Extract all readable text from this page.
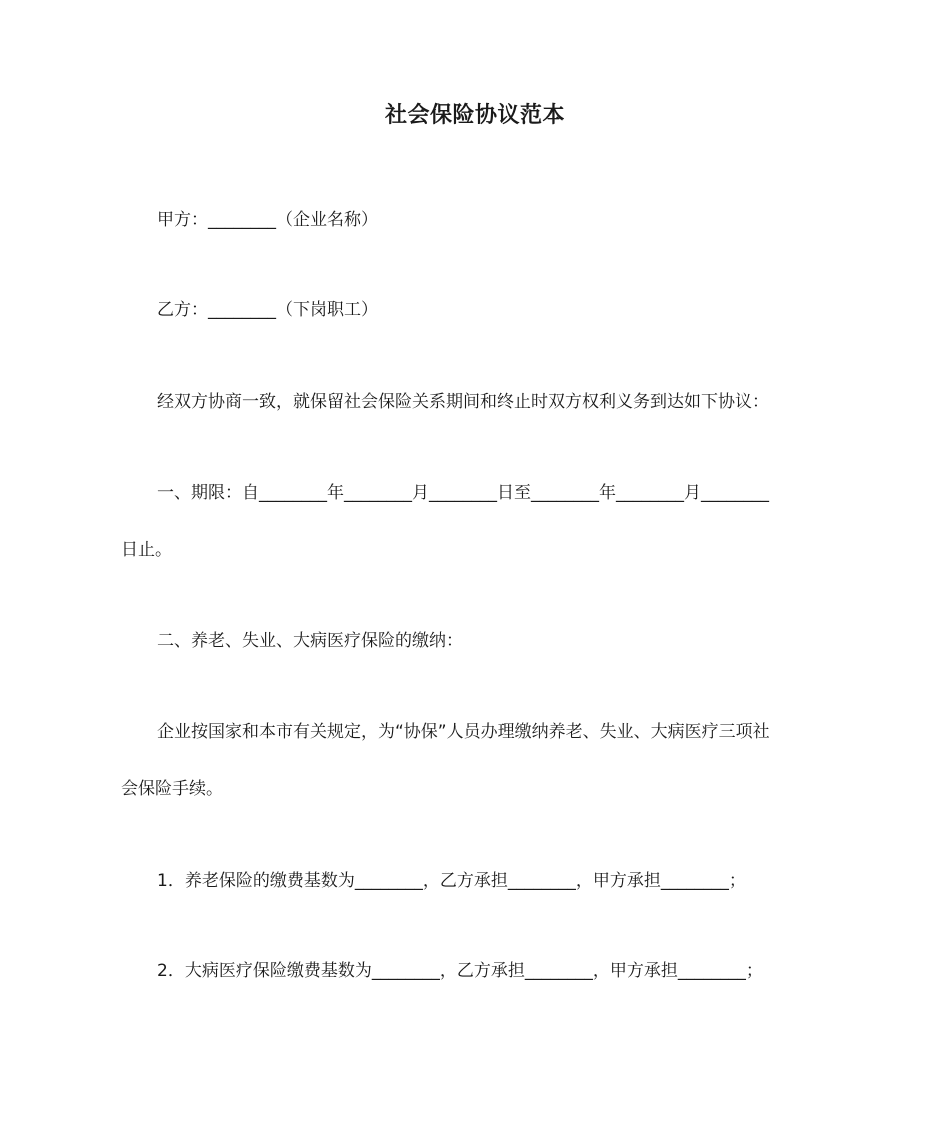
社会保险协议范本
甲方：________（企业名称）
乙方：________（下岗职工）
经双方协商一致，就保留社会保险关系期间和终止时双方权利义务到达如下协议：
一、期限：自________年________月________日至________年________月________
日止。
二、养老、失业、大病医疗保险的缴纳：
企业按国家和本市有关规定，为“协保”人员办理缴纳养老、失业、大病医疗三项社
会保险手续。
1．养老保险的缴费基数为________，乙方承担________，甲方承担________；
2．大病医疗保险缴费基数为________，乙方承担________，甲方承担________；
